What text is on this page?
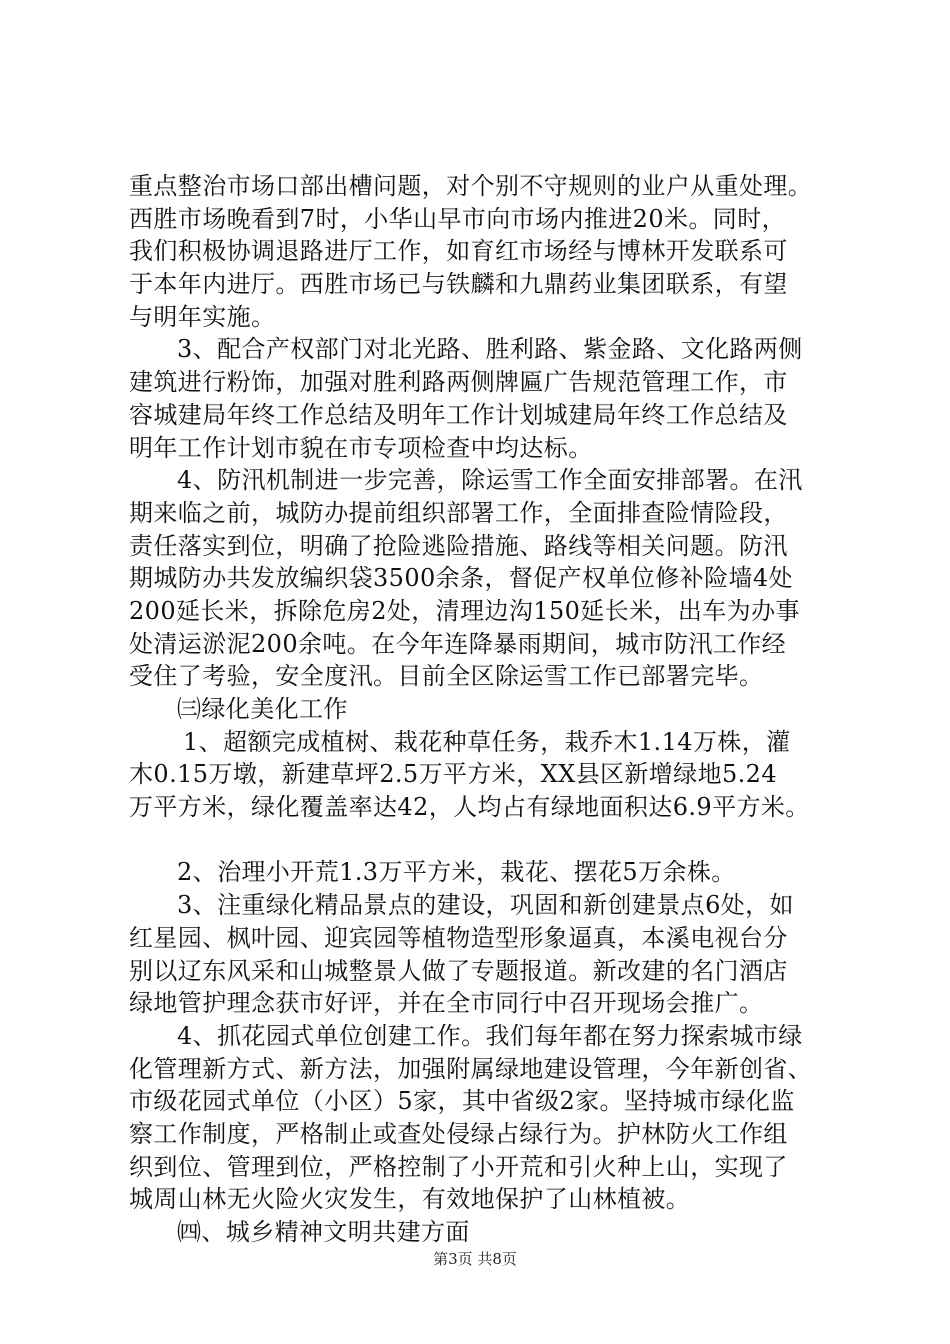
重点整治市场口部出槽问题，对个别不守规则的业户从重处理。
西胜市场晚看到7时，小华山早市向市场内推进20米。同时，
我们积极协调退路进厅工作，如育红市场经与博林开发联系可
于本年内进厅。西胜市场已与铁麟和九鼎药业集团联系，有望
与明年实施。
3、配合产权部门对北光路、胜利路、紫金路、文化路两侧
建筑进行粉饰，加强对胜利路两侧牌匾广告规范管理工作，市
容城建局年终工作总结及明年工作计划城建局年终工作总结及
明年工作计划市貌在市专项检查中均达标。
4、防汛机制进一步完善，除运雪工作全面安排部署。在汛
期来临之前，城防办提前组织部署工作，全面排查险情险段，
责任落实到位，明确了抢险逃险措施、路线等相关问题。防汛
期城防办共发放编织袋3500余条，督促产权单位修补险墙4处
200延长米，拆除危房2处，清理边沟150延长米，出车为办事
处清运淤泥200余吨。在今年连降暴雨期间，城市防汛工作经
受住了考验，安全度汛。目前全区除运雪工作已部署完毕。
㈢绿化美化工作
1、超额完成植树、栽花种草任务，栽乔木1.14万株，灌
木0.15万墩，新建草坪2.5万平方米，XX县区新增绿地5.24
万平方米，绿化覆盖率达42，人均占有绿地面积达6.9平方米。
2、治理小开荒1.3万平方米，栽花、摆花5万余株。
3、注重绿化精品景点的建设，巩固和新创建景点6处，如
红星园、枫叶园、迎宾园等植物造型形象逼真，本溪电视台分
别以辽东风采和山城整景人做了专题报道。新改建的名门酒店
绿地管护理念获市好评，并在全市同行中召开现场会推广。
4、抓花园式单位创建工作。我们每年都在努力探索城市绿
化管理新方式、新方法，加强附属绿地建设管理，今年新创省、
市级花园式单位（小区）5家，其中省级2家。坚持城市绿化监
察工作制度，严格制止或查处侵绿占绿行为。护林防火工作组
织到位、管理到位，严格控制了小开荒和引火种上山，实现了
城周山林无火险火灾发生，有效地保护了山林植被。
㈣、城乡精神文明共建方面
第3页 共8页
